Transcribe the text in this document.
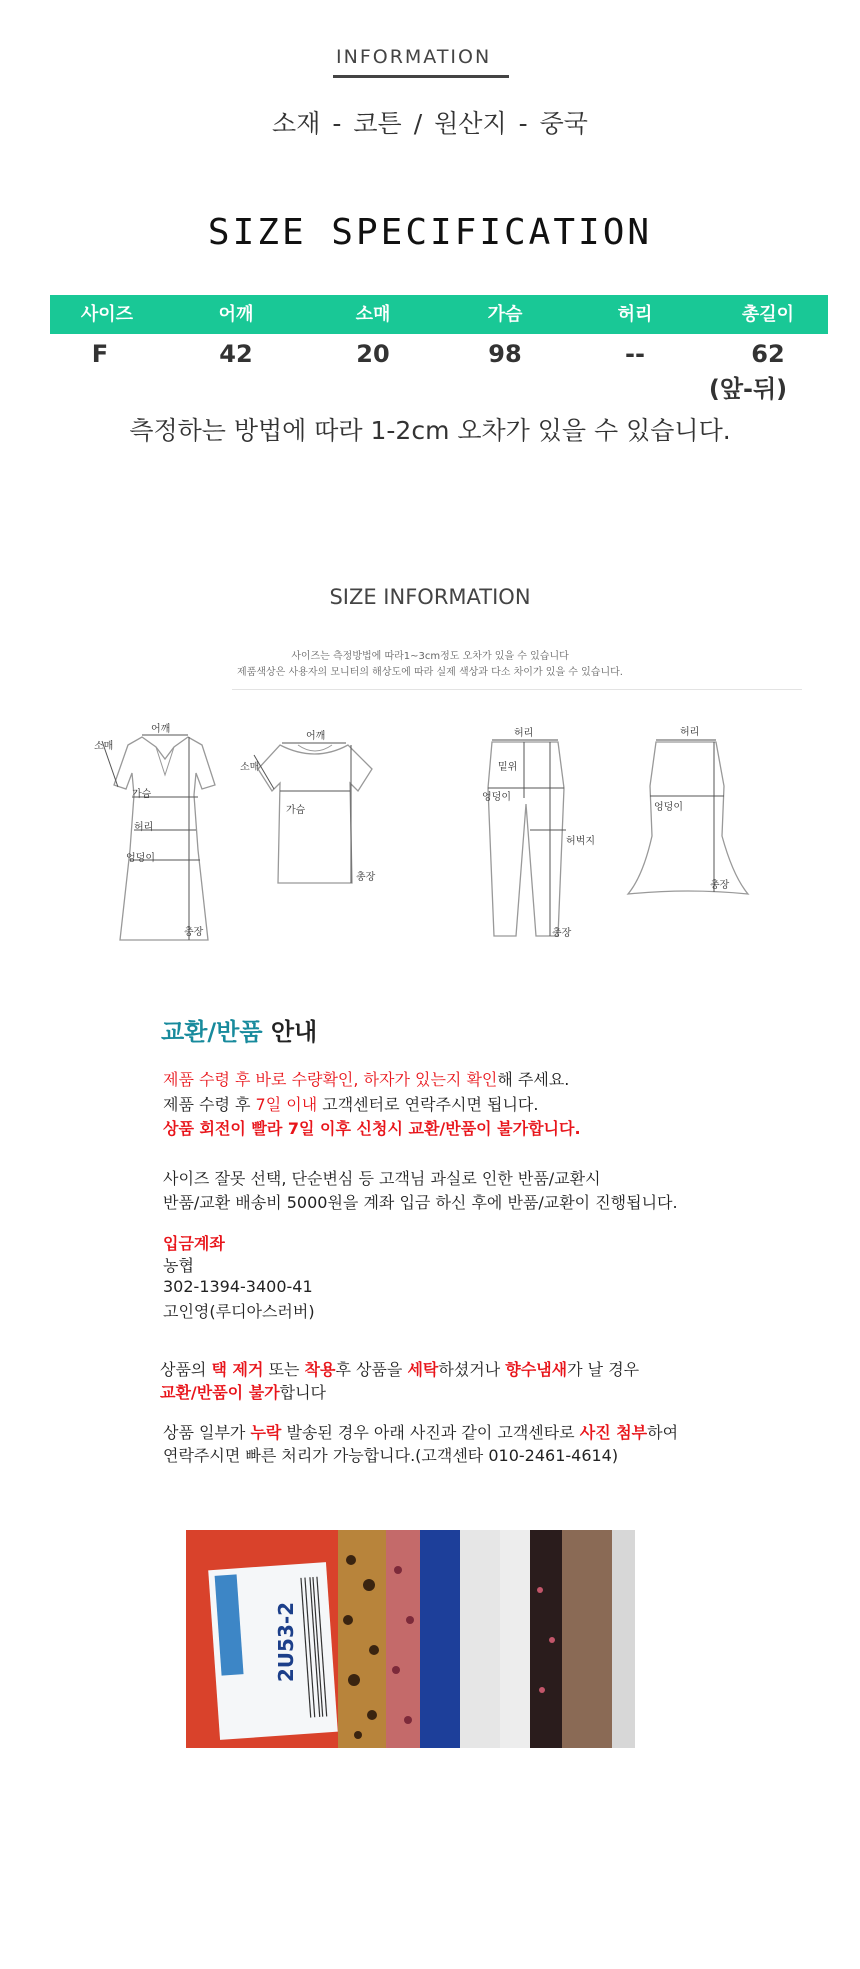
INFORMATION
소재 - 코튼 / 원산지 - 중국
SIZE SPECIFICATION
사이즈	어깨	소매	가슴	허리	총길이
F	42	20	98	--	62
(앞-뒤)
측정하는 방법에 따라 1-2cm 오차가 있을 수 있습니다.
SIZE INFORMATION
사이즈는 측정방법에 따라1~3cm정도 오차가 있을 수 있습니다
제품색상은 사용자의 모니터의 해상도에 따라 실제 색상과 다소 차이가 있을 수 있습니다.
어깨
소매
가슴
허리
엉덩이
총장
어깨
소매
가슴
총장
허리
밑위
엉덩이
허벅지
총장
허리
엉덩이
총장
교환/반품 안내
제품 수령 후 바로 수량확인, 하자가 있는지 확인해 주세요.
제품 수령 후 7일 이내 고객센터로 연락주시면 됩니다.
상품 회전이 빨라 7일 이후 신청시 교환/반품이 불가합니다.
사이즈 잘못 선택, 단순변심 등 고객님 과실로 인한 반품/교환시
반품/교환 배송비 5000원을 계좌 입금 하신 후에 반품/교환이 진행됩니다.
입금계좌
농협
302-1394-3400-41
고인영(루디아스러버)
상품의 택 제거 또는 착용후 상품을 세탁하셨거나 향수냄새가 날 경우
교환/반품이 불가합니다
상품 일부가 누락 발송된 경우 아래 사진과 같이 고객센타로 사진 첨부하여
연락주시면 빠른 처리가 가능합니다.(고객센타 010-2461-4614)
2U53-2
